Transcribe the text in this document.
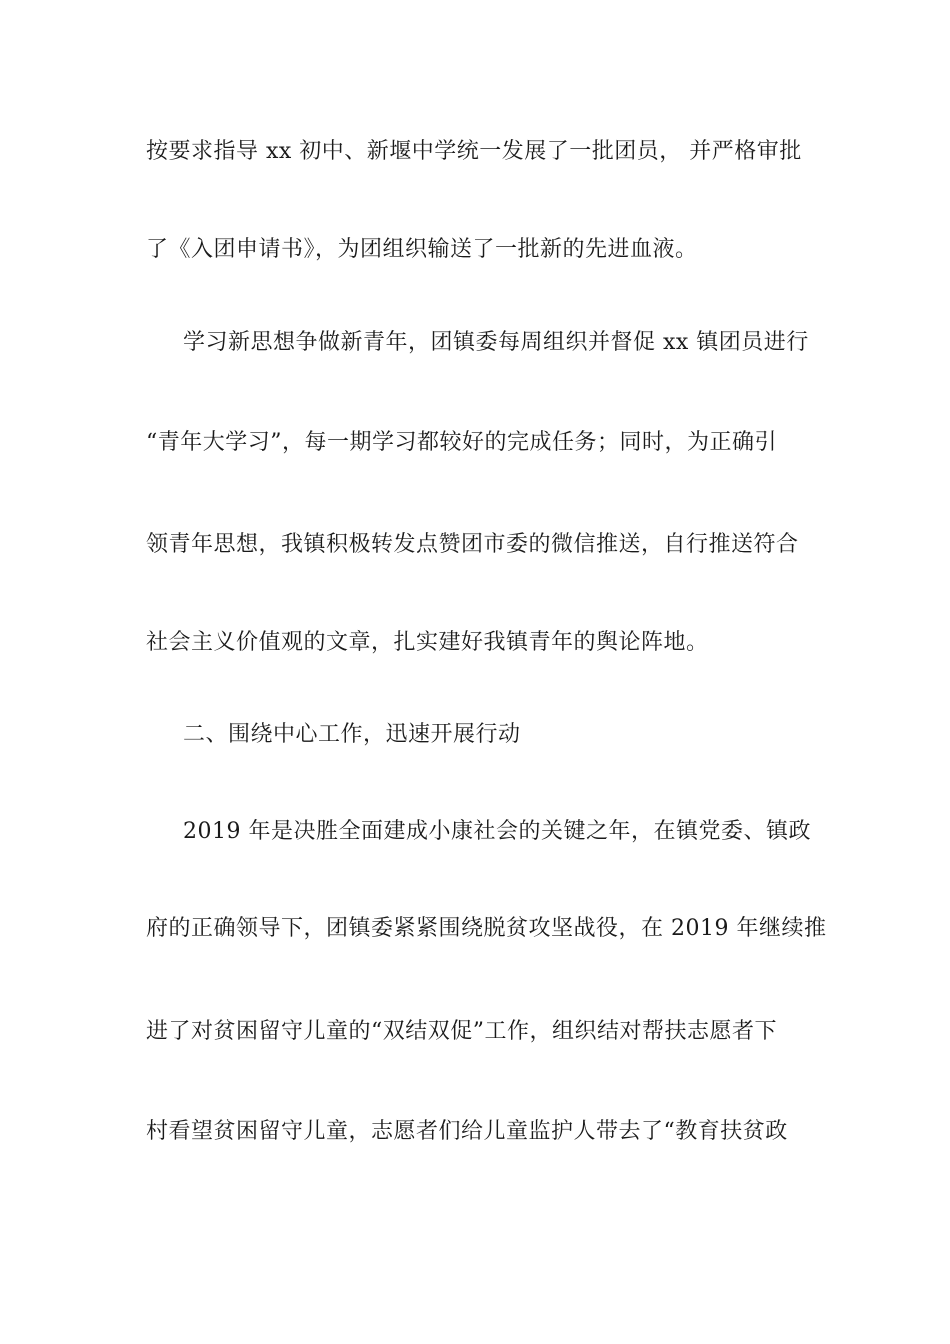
按要求指导 xx 初中、新堰中学统一发展了一批团员， 并严格审批
了《入团申请书》，为团组织输送了一批新的先进血液。
学习新思想争做新青年，团镇委每周组织并督促 xx 镇团员进行
“青年大学习”，每一期学习都较好的完成任务；同时，为正确引
领青年思想，我镇积极转发点赞团市委的微信推送，自行推送符合
社会主义价值观的文章，扎实建好我镇青年的舆论阵地。
二、围绕中心工作，迅速开展行动
2019 年是决胜全面建成小康社会的关键之年，在镇党委、镇政
府的正确领导下，团镇委紧紧围绕脱贫攻坚战役，在 2019 年继续推
进了对贫困留守儿童的“双结双促”工作，组织结对帮扶志愿者下
村看望贫困留守儿童，志愿者们给儿童监护人带去了“教育扶贫政
